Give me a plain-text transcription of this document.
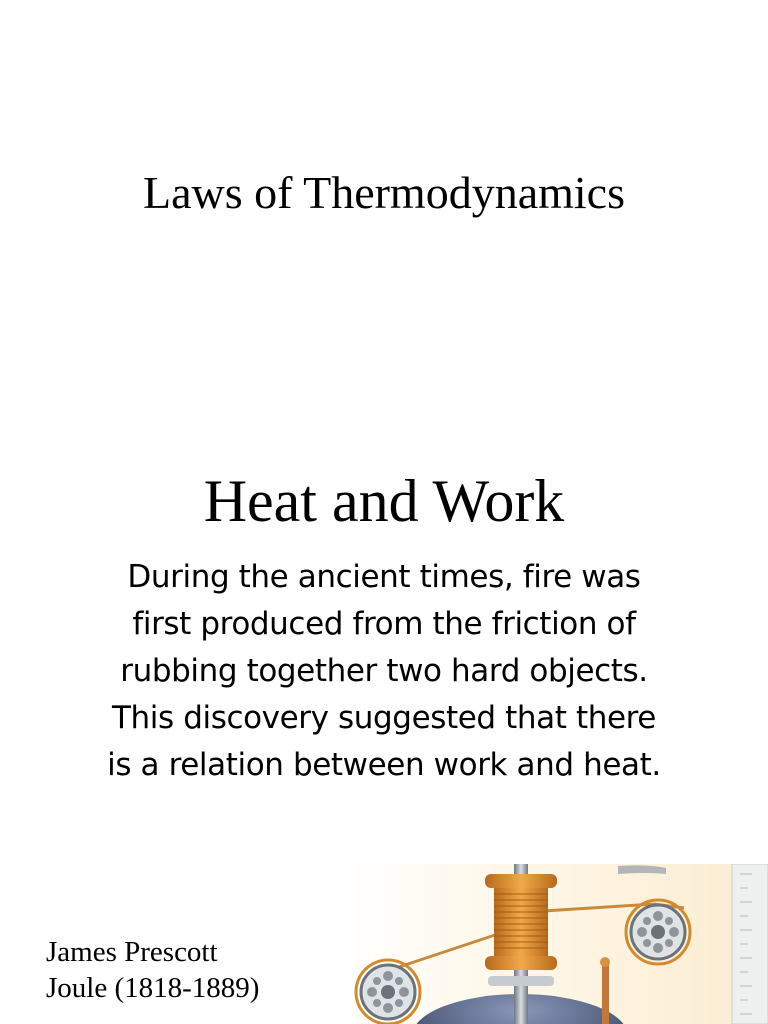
Laws of Thermodynamics
Heat and Work
During the ancient times, fire was
first produced from the friction of
rubbing together two hard objects.
This discovery suggested that there
is a relation between work and heat.
James Prescott
Joule (1818-1889)
